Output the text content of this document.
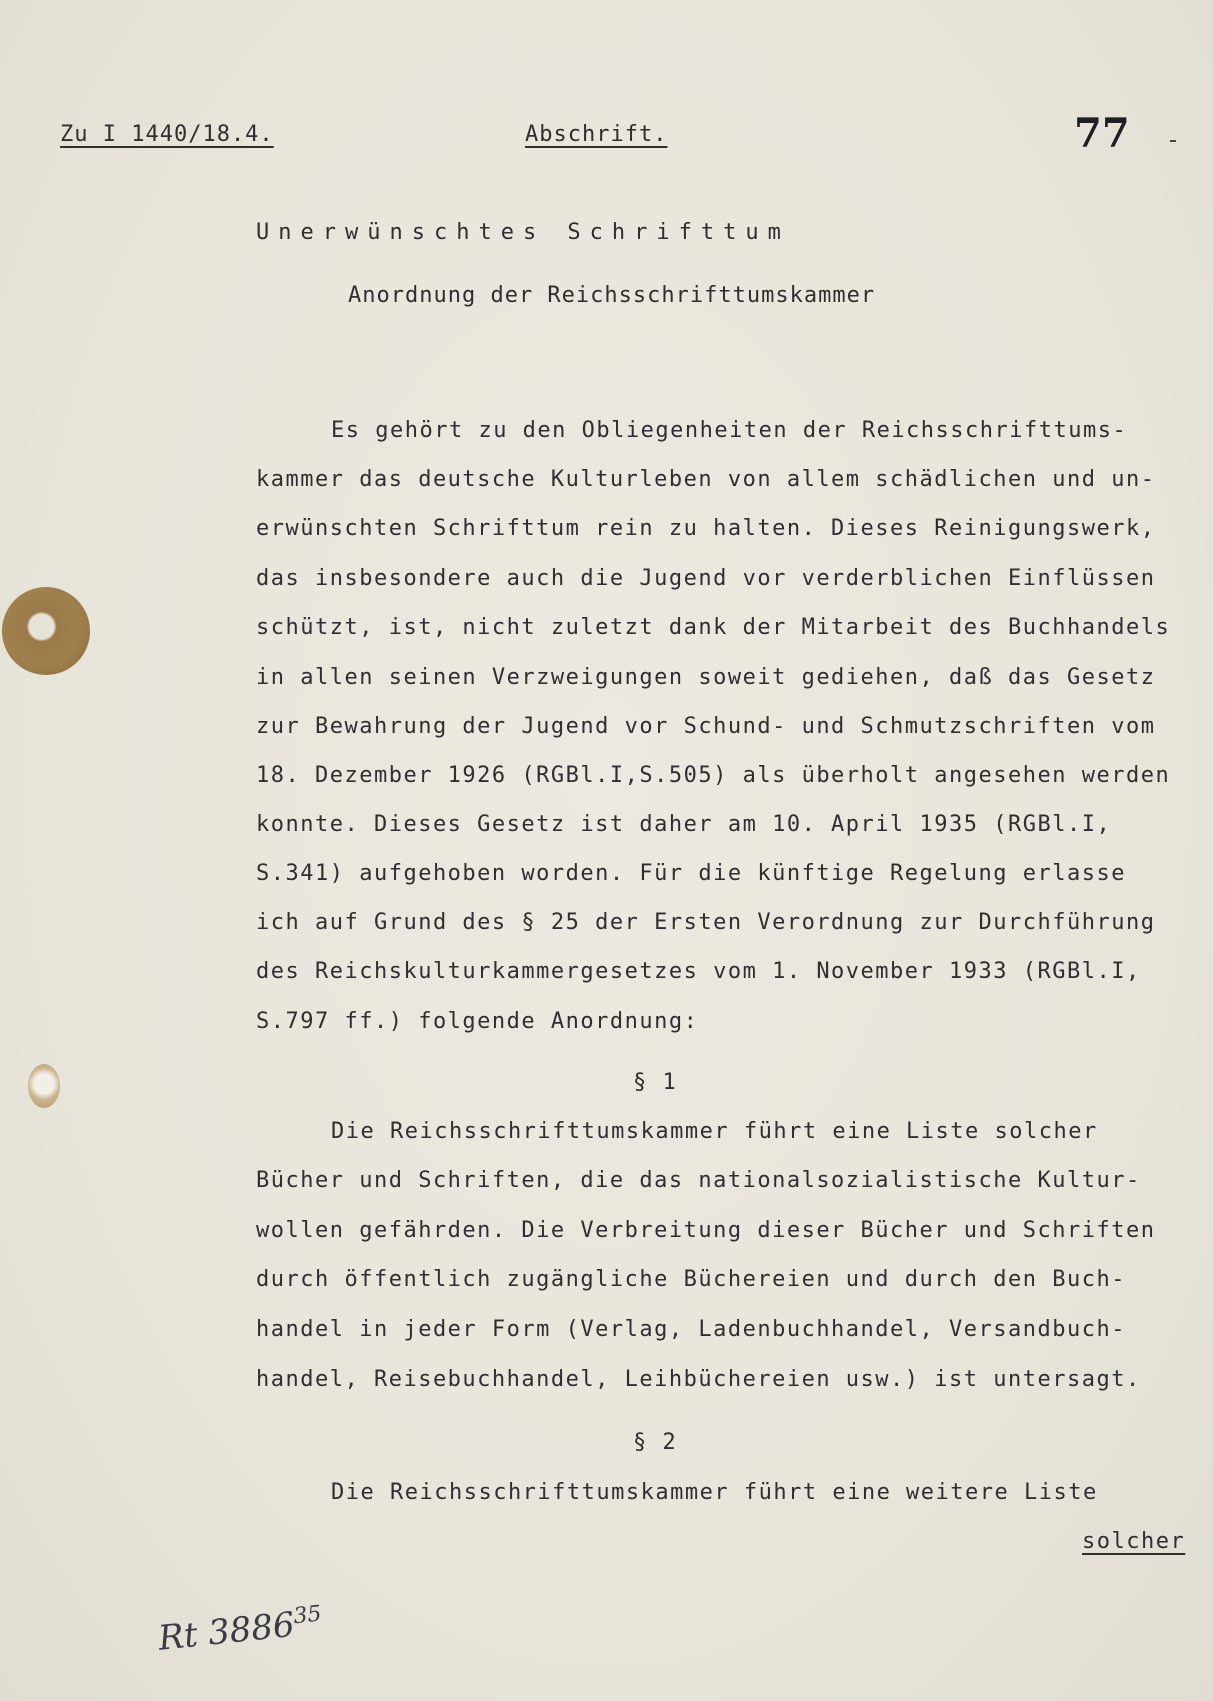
Zu I 1440/18.4.	Abschrift.	77
Unerwünschtes Schrifttum
Anordnung der Reichsschrifttumskammer
Es gehört zu den Obliegenheiten der Reichsschrifttums-
kammer das deutsche Kulturleben von allem schädlichen und un-
erwünschten Schrifttum rein zu halten. Dieses Reinigungswerk,
das insbesondere auch die Jugend vor verderblichen Einflüssen
schützt, ist, nicht zuletzt dank der Mitarbeit des Buchhandels
in allen seinen Verzweigungen soweit gediehen, daß das Gesetz
zur Bewahrung der Jugend vor Schund- und Schmutzschriften vom
18. Dezember 1926 (RGBl.I,S.505) als überholt angesehen werden
konnte. Dieses Gesetz ist daher am 10. April 1935 (RGBl.I,
S.341) aufgehoben worden. Für die künftige Regelung erlasse
ich auf Grund des § 25 der Ersten Verordnung zur Durchführung
des Reichskulturkammergesetzes vom 1. November 1933 (RGBl.I,
S.797 ff.) folgende Anordnung:
§ 1
Die Reichsschrifttumskammer führt eine Liste solcher
Bücher und Schriften, die das nationalsozialistische Kultur-
wollen gefährden. Die Verbreitung dieser Bücher und Schriften
durch öffentlich zugängliche Büchereien und durch den Buch-
handel in jeder Form (Verlag, Ladenbuchhandel, Versandbuch-
handel, Reisebuchhandel, Leihbüchereien usw.) ist untersagt.
§ 2
Die Reichsschrifttumskammer führt eine weitere Liste
solcher
Rt 3886$^{35}$
